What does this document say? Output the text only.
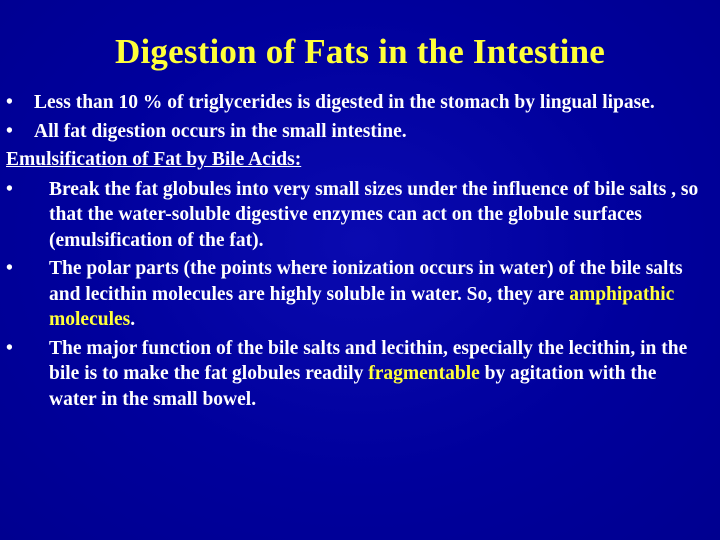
Digestion of Fats in the Intestine
•	Less than 10 % of triglycerides is digested in the stomach by lingual lipase.
•	All fat digestion occurs in the small intestine.
Emulsification of Fat by Bile Acids:
•	Break the fat globules into very small sizes under the influence of bile salts , so that the water-soluble digestive enzymes can act on the globule surfaces (emulsification of the fat).
•	The polar parts (the points where ionization occurs in water) of the bile salts and lecithin molecules are highly soluble in water. So, they are amphipathic molecules.
•	The major function of the bile salts and lecithin, especially the lecithin, in the bile is to make the fat globules readily fragmentable by agitation with the water in the small bowel.
